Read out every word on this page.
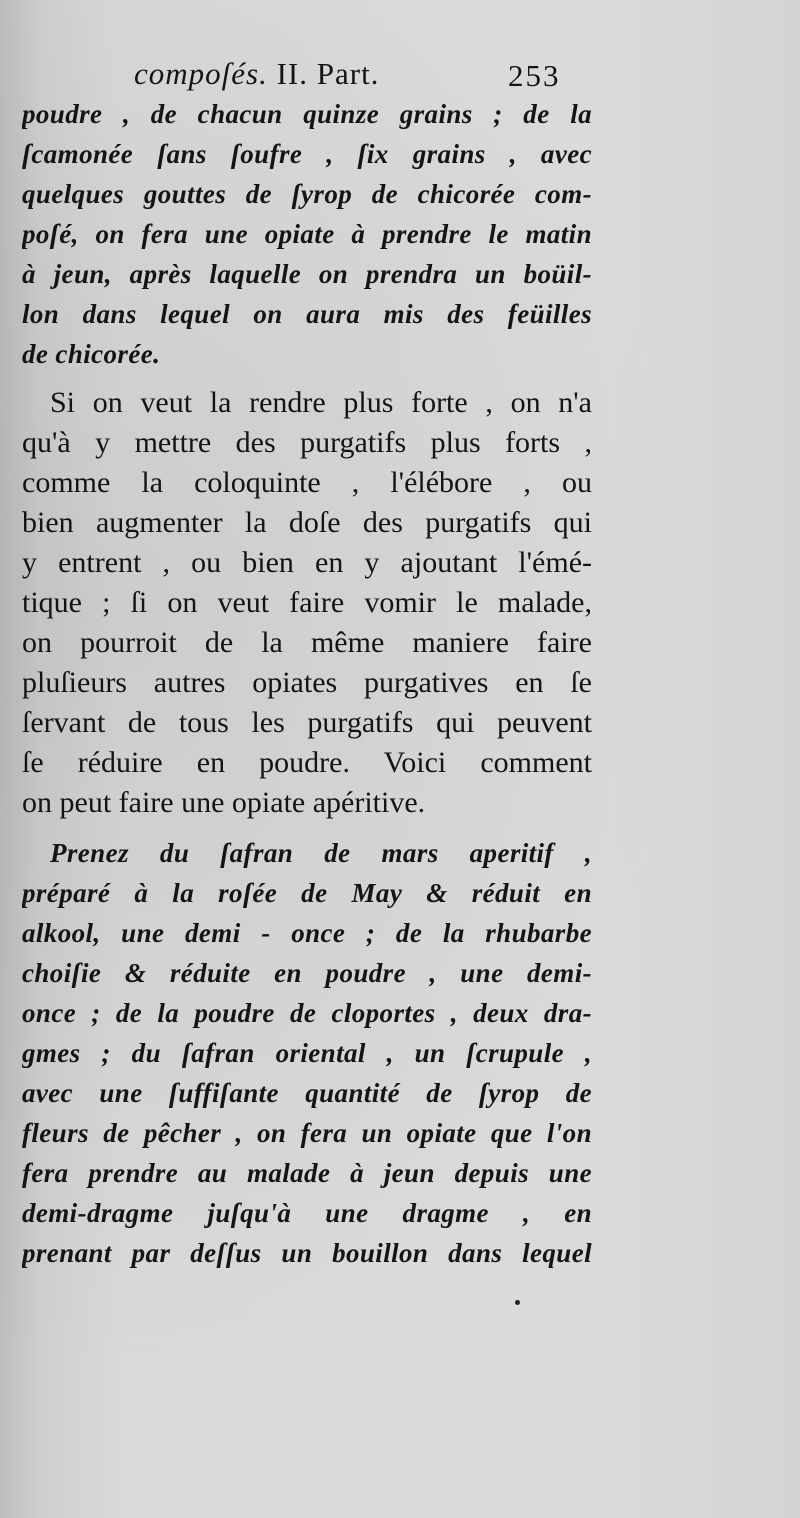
compoſés. II. Part.	253
poudre , de chacun quinze grains ; de la
ſcamonée ſans ſoufre , ſix grains , avec
quelques gouttes de ſyrop de chicorée com-
poſé, on fera une opiate à prendre le matin
à jeun, après laquelle on prendra un boüil-
lon dans lequel on aura mis des feüilles
de chicorée.
Si on veut la rendre plus forte , on n'a
qu'à y mettre des purgatifs plus forts ,
comme la coloquinte , l'élébore , ou
bien augmenter la doſe des purgatifs qui
y entrent , ou bien en y ajoutant l'émé-
tique ; ſi on veut faire vomir le malade,
on pourroit de la même maniere faire
pluſieurs autres opiates purgatives en ſe
ſervant de tous les purgatifs qui peuvent
ſe réduire en poudre. Voici comment
on peut faire une opiate apéritive.
Prenez du ſafran de mars aperitif ,
préparé à la roſée de May & réduit en
alkool, une demi - once ; de la rhubarbe
choiſie & réduite en poudre , une demi-
once ; de la poudre de cloportes , deux dra-
gmes ; du ſafran oriental , un ſcrupule ,
avec une ſuffiſante quantité de ſyrop de
fleurs de pêcher , on fera un opiate que l'on
fera prendre au malade à jeun depuis une
demi-dragme juſqu'à une dragme , en
prenant par deſſus un bouillon dans lequel
